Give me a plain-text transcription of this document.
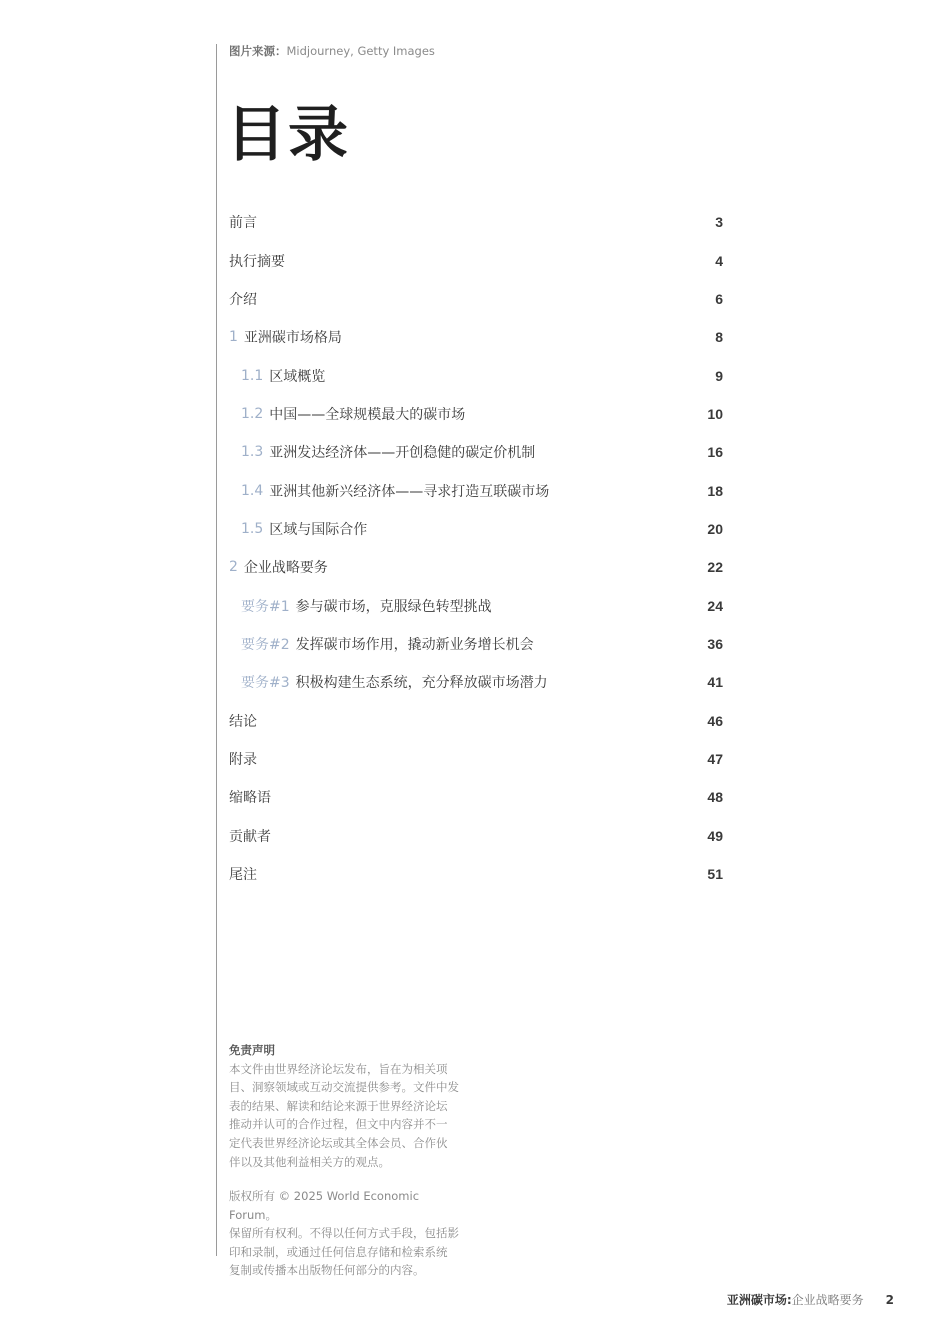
图片来源：Midjourney, Getty Images
目录
前言	3
执行摘要	4
介绍	6
1 亚洲碳市场格局	8
1.1 区域概览	9
1.2 中国——全球规模最大的碳市场	10
1.3 亚洲发达经济体——开创稳健的碳定价机制	16
1.4 亚洲其他新兴经济体——寻求打造互联碳市场	18
1.5 区域与国际合作	20
2 企业战略要务	22
要务#1 参与碳市场，克服绿色转型挑战	24
要务#2 发挥碳市场作用，撬动新业务增长机会	36
要务#3 积极构建生态系统，充分释放碳市场潜力	41
结论	46
附录	47
缩略语	48
贡献者	49
尾注	51
免责声明

本文件由世界经济论坛发布，旨在为相关项

目、洞察领域或互动交流提供参考。文件中发

表的结果、解读和结论来源于世界经济论坛

推动并认可的合作过程，但文中内容并不一

定代表世界经济论坛或其全体会员、合作伙

伴以及其他利益相关方的观点。

版权所有 © 2025 World Economic Forum。

保留所有权利。不得以任何方式手段，包括影

印和录制，或通过任何信息存储和检索系统

复制或传播本出版物任何部分的内容。

亚洲碳市场: 企业战略要务 2
